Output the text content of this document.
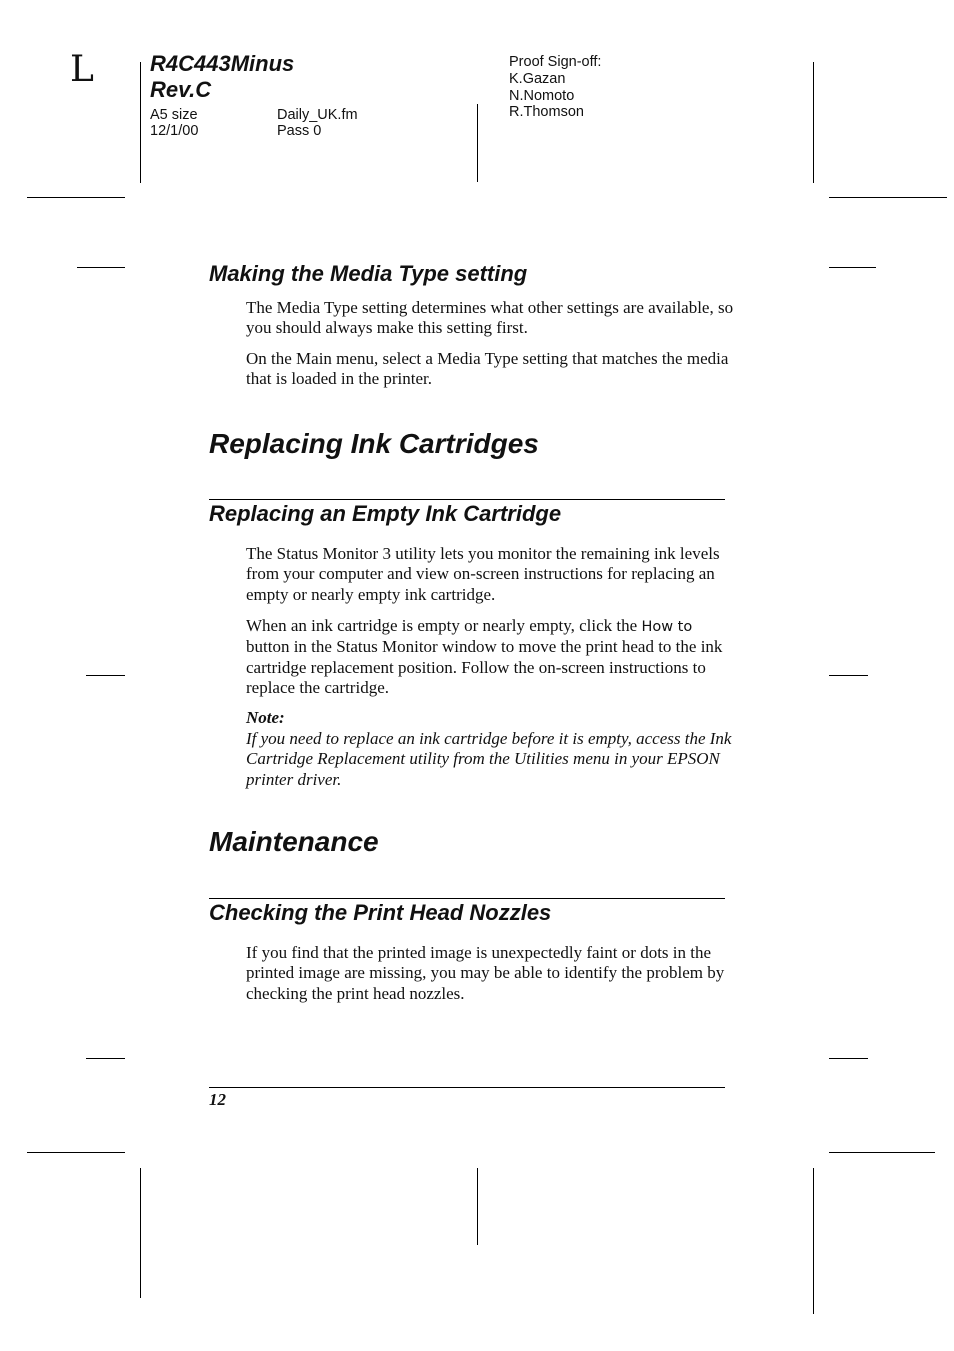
L	R4C443Minus
Rev.C
A5 size
12/1/00
Daily_UK.fm
Pass 0
Proof Sign-off:
K.Gazan
N.Nomoto
R.Thomson
Making the Media Type setting
The Media Type setting determines what other settings are available, so you should always make this setting first.
On the Main menu, select a Media Type setting that matches the media that is loaded in the printer.
Replacing Ink Cartridges
Replacing an Empty Ink Cartridge
The Status Monitor 3 utility lets you monitor the remaining ink levels from your computer and view on-screen instructions for replacing an empty or nearly empty ink cartridge.
When an ink cartridge is empty or nearly empty, click the How to button in the Status Monitor window to move the print head to the ink cartridge replacement position. Follow the on-screen instructions to replace the cartridge.
Note:
If you need to replace an ink cartridge before it is empty, access the Ink Cartridge Replacement utility from the Utilities menu in your EPSON printer driver.
Maintenance
Checking the Print Head Nozzles
If you find that the printed image is unexpectedly faint or dots in the printed image are missing, you may be able to identify the problem by checking the print head nozzles.
12
